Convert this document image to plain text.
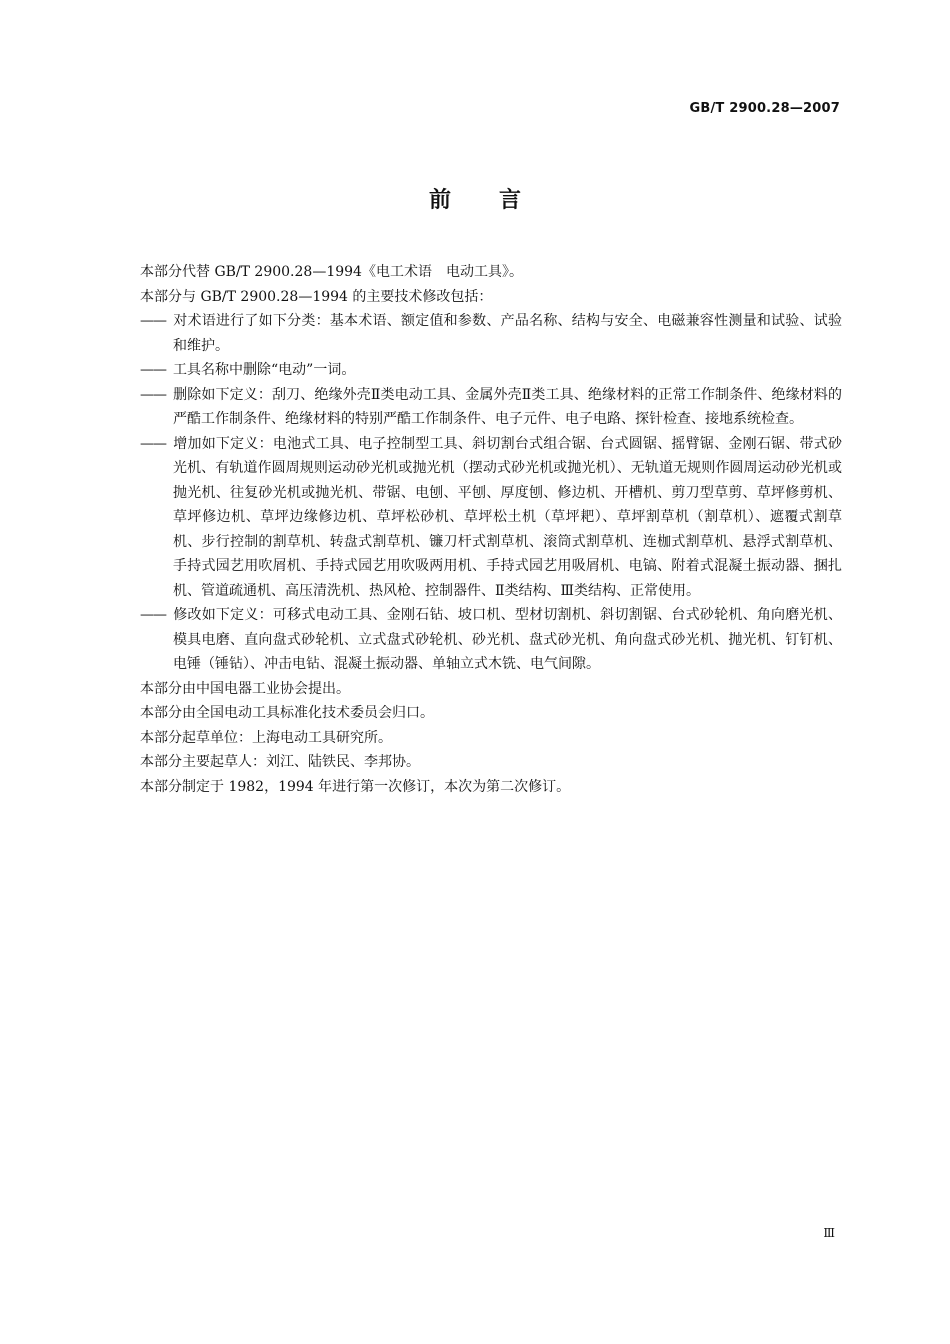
GB/T 2900.28—2007
前言

本部分代替 GB/T 2900.28—1994《电工术语　电动工具》。

本部分与 GB/T 2900.28—1994 的主要技术修改包括：

—— 对术语进行了如下分类：基本术语、额定值和参数、产品名称、结构与安全、电磁兼容性测量和试验、试验和维护。

—— 工具名称中删除“电动”一词。

—— 删除如下定义：刮刀、绝缘外壳Ⅱ类电动工具、金属外壳Ⅱ类工具、绝缘材料的正常工作制条件、绝缘材料的严酷工作制条件、绝缘材料的特别严酷工作制条件、电子元件、电子电路、探针检查、接地系统检查。

—— 增加如下定义：电池式工具、电子控制型工具、斜切割台式组合锯、台式圆锯、摇臂锯、金刚石锯、带式砂光机、有轨道作圆周规则运动砂光机或抛光机（摆动式砂光机或抛光机）、无轨道无规则作圆周运动砂光机或抛光机、往复砂光机或抛光机、带锯、电刨、平刨、厚度刨、修边机、开槽机、剪刀型草剪、草坪修剪机、草坪修边机、草坪边缘修边机、草坪松砂机、草坪松土机（草坪耙）、草坪割草机（割草机）、遮覆式割草机、步行控制的割草机、转盘式割草机、镰刀杆式割草机、滚筒式割草机、连枷式割草机、悬浮式割草机、手持式园艺用吹屑机、手持式园艺用吹吸两用机、手持式园艺用吸屑机、电镐、附着式混凝土振动器、捆扎机、管道疏通机、高压清洗机、热风枪、控制器件、Ⅱ类结构、Ⅲ类结构、正常使用。

—— 修改如下定义：可移式电动工具、金刚石钻、坡口机、型材切割机、斜切割锯、台式砂轮机、角向磨光机、模具电磨、直向盘式砂轮机、立式盘式砂轮机、砂光机、盘式砂光机、角向盘式砂光机、抛光机、钉钉机、电锤（锤钻）、冲击电钻、混凝土振动器、单轴立式木铣、电气间隙。

本部分由中国电器工业协会提出。

本部分由全国电动工具标准化技术委员会归口。

本部分起草单位：上海电动工具研究所。

本部分主要起草人：刘江、陆铁民、李邦协。

本部分制定于 1982，1994 年进行第一次修订，本次为第二次修订。

Ⅲ
